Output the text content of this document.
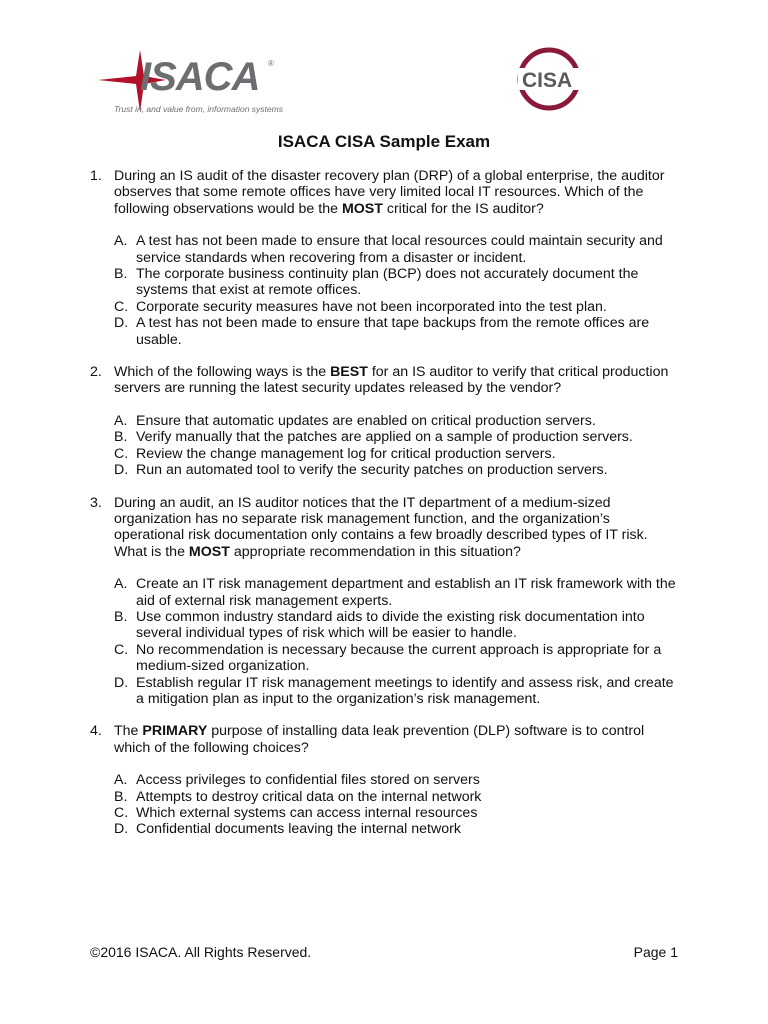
ISACA ®
Trust in, and value from, information systems
CISA
ISACA CISA Sample Exam
1. During an IS audit of the disaster recovery plan (DRP) of a global enterprise, the auditor observes that some remote offices have very limited local IT resources. Which of the following observations would be the MOST critical for the IS auditor?
A. A test has not been made to ensure that local resources could maintain security and service standards when recovering from a disaster or incident.
B. The corporate business continuity plan (BCP) does not accurately document the systems that exist at remote offices.
C. Corporate security measures have not been incorporated into the test plan.
D. A test has not been made to ensure that tape backups from the remote offices are usable.
2. Which of the following ways is the BEST for an IS auditor to verify that critical production servers are running the latest security updates released by the vendor?
A. Ensure that automatic updates are enabled on critical production servers.
B. Verify manually that the patches are applied on a sample of production servers.
C. Review the change management log for critical production servers.
D. Run an automated tool to verify the security patches on production servers.
3. During an audit, an IS auditor notices that the IT department of a medium-sized organization has no separate risk management function, and the organization’s operational risk documentation only contains a few broadly described types of IT risk. What is the MOST appropriate recommendation in this situation?
A. Create an IT risk management department and establish an IT risk framework with the aid of external risk management experts.
B. Use common industry standard aids to divide the existing risk documentation into several individual types of risk which will be easier to handle.
C. No recommendation is necessary because the current approach is appropriate for a medium-sized organization.
D. Establish regular IT risk management meetings to identify and assess risk, and create a mitigation plan as input to the organization’s risk management.
4. The PRIMARY purpose of installing data leak prevention (DLP) software is to control which of the following choices?
A. Access privileges to confidential files stored on servers
B. Attempts to destroy critical data on the internal network
C. Which external systems can access internal resources
D. Confidential documents leaving the internal network
©2016 ISACA. All Rights Reserved.	Page 1
